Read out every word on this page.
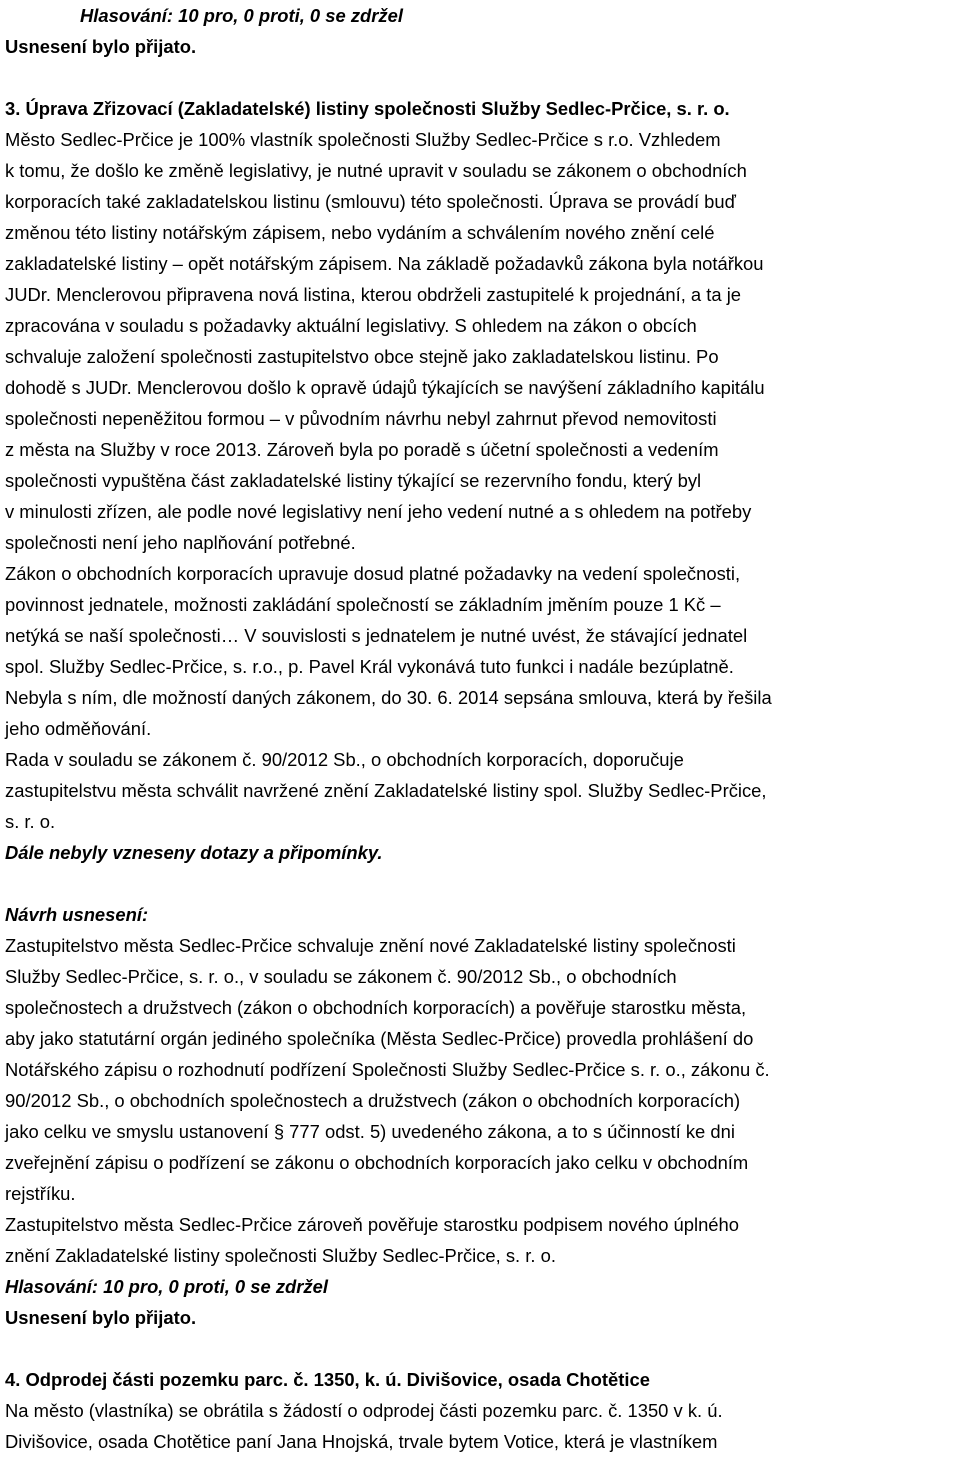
Hlasování: 10 pro, 0 proti, 0 se zdržel
Usnesení bylo přijato.
3. Úprava Zřizovací (Zakladatelské) listiny společnosti Služby Sedlec-Prčice, s. r. o.
Město Sedlec-Prčice je 100% vlastník společnosti Služby Sedlec-Prčice s r.o. Vzhledem
k tomu, že došlo ke změně legislativy, je nutné upravit v souladu se zákonem o obchodních
korporacích také zakladatelskou listinu (smlouvu) této společnosti. Úprava se provádí buď
změnou této listiny notářským zápisem, nebo vydáním a schválením nového znění celé
zakladatelské listiny – opět notářským zápisem. Na základě požadavků zákona byla notářkou
JUDr. Menclerovou připravena nová listina, kterou obdrželi zastupitelé k projednání, a ta je
zpracována v souladu s požadavky aktuální legislativy. S ohledem na zákon o obcích
schvaluje založení společnosti zastupitelstvo obce stejně jako zakladatelskou listinu. Po
dohodě s JUDr. Menclerovou došlo k opravě údajů týkajících se navýšení základního kapitálu
společnosti nepeněžitou formou – v původním návrhu nebyl zahrnut převod nemovitosti
z města na Služby v roce 2013. Zároveň byla po poradě s účetní společnosti a vedením
společnosti vypuštěna část zakladatelské listiny týkající se rezervního fondu, který byl
v minulosti zřízen, ale podle nové legislativy není jeho vedení nutné a s ohledem na potřeby
společnosti není jeho naplňování potřebné.
Zákon o obchodních korporacích upravuje dosud platné požadavky na vedení společnosti,
povinnost jednatele, možnosti zakládání společností se základním jměním pouze 1 Kč –
netýká se naší společnosti… V souvislosti s jednatelem je nutné uvést, že stávající jednatel
spol. Služby Sedlec-Prčice, s. r.o., p. Pavel Král vykonává tuto funkci i nadále bezúplatně.
Nebyla s ním, dle možností daných zákonem, do 30. 6. 2014 sepsána smlouva, která by řešila
jeho odměňování.
Rada v souladu se zákonem č. 90/2012 Sb., o obchodních korporacích, doporučuje
zastupitelstvu města schválit navržené znění Zakladatelské listiny spol. Služby Sedlec-Prčice,
s. r. o.
Dále nebyly vzneseny dotazy a připomínky.
Návrh usnesení:
Zastupitelstvo města Sedlec-Prčice schvaluje znění nové Zakladatelské listiny společnosti
Služby Sedlec-Prčice, s. r. o., v souladu se zákonem č. 90/2012 Sb., o obchodních
společnostech a družstvech (zákon o obchodních korporacích) a pověřuje starostku města,
aby jako statutární orgán jediného společníka (Města Sedlec-Prčice) provedla prohlášení do
Notářského zápisu o rozhodnutí podřízení Společnosti Služby Sedlec-Prčice s. r. o., zákonu č.
90/2012 Sb., o obchodních společnostech a družstvech (zákon o obchodních korporacích)
jako celku ve smyslu ustanovení § 777 odst. 5) uvedeného zákona, a to s účinností ke dni
zveřejnění zápisu o podřízení se zákonu o obchodních korporacích jako celku v obchodním
rejstříku.
Zastupitelstvo města Sedlec-Prčice zároveň pověřuje starostku podpisem nového úplného
znění Zakladatelské listiny společnosti Služby Sedlec-Prčice, s. r. o.
Hlasování: 10 pro, 0 proti, 0 se zdržel
Usnesení bylo přijato.
4. Odprodej části pozemku parc. č. 1350, k. ú. Divišovice, osada Chotětice
Na město (vlastníka) se obrátila s žádostí o odprodej části pozemku parc. č. 1350 v k. ú.
Divišovice, osada Chotětice paní Jana Hnojská, trvale bytem Votice, která je vlastníkem
